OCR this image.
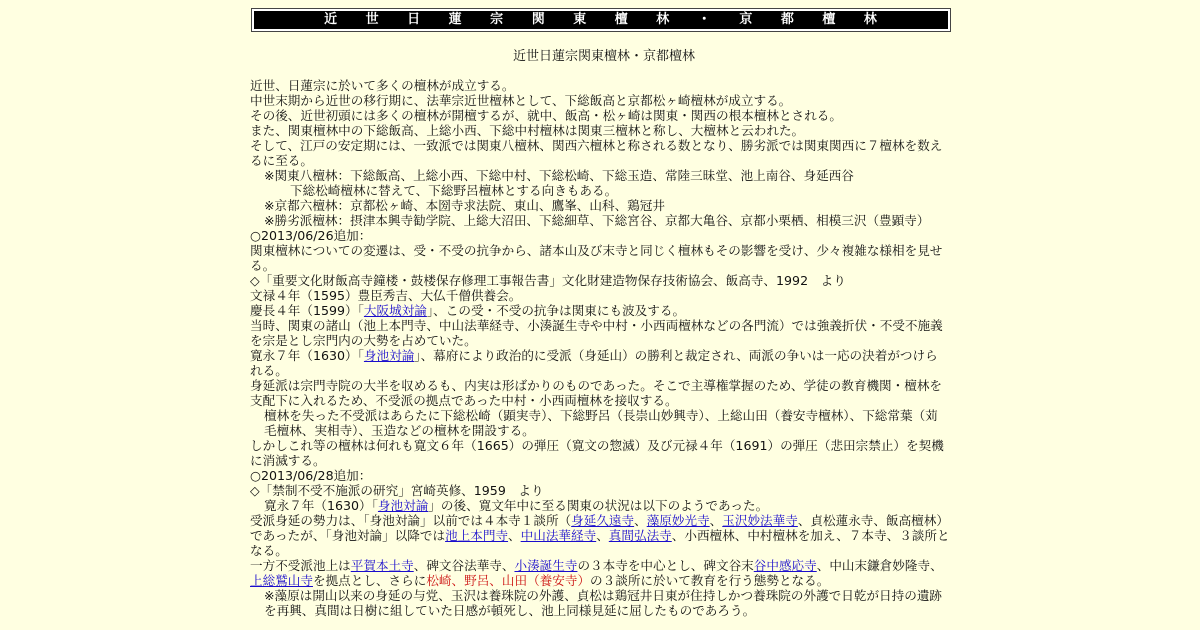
近 世 日 蓮 宗 関 東 檀 林 ・ 京 都 檀 林
近世日蓮宗関東檀林・京都檀林

近世、日蓮宗に於いて多くの檀林が成立する。

中世末期から近世の移行期に、法華宗近世檀林として、下総飯高と京都松ヶ崎檀林が成立する。

その後、近世初頭には多くの檀林が開檀するが、就中、飯高・松ヶ崎は関東・関西の根本檀林とされる。

また、関東檀林中の下総飯高、上総小西、下総中村檀林は関東三檀林と称し、大檀林と云われた。

そして、江戸の安定期には、一致派では関東八檀林、関西六檀林と称される数となり、勝劣派では関東関西に７檀林を数えるに至る。

※関東八檀林：下総飯高、上総小西、下総中村、下総松崎、下総玉造、常陸三昧堂、池上南谷、身延西谷

下総松崎檀林に替えて、下総野呂檀林とする向きもある。

※京都六檀林：京都松ヶ崎、本圀寺求法院、東山、鷹峯、山科、鶏冠井

※勝劣派檀林：摂津本興寺勧学院、上総大沼田、下総細草、下総宮谷、京都大亀谷、京都小栗栖、相模三沢（豊顕寺）

○2013/06/26追加：

関東檀林についての変遷は、受・不受の抗争から、諸本山及び末寺と同じく檀林もその影響を受け、少々複雑な様相を見せる。

◇「重要文化財飯高寺鐘楼・鼓楼保存修理工事報告書」文化財建造物保存技術協会、飯高寺、1992　より

文禄４年（1595）豊臣秀吉、大仏千僧供養会。

慶長４年（1599）「大阪城対論」、この受・不受の抗争は関東にも波及する。

当時、関東の諸山（池上本門寺、中山法華経寺、小湊誕生寺や中村・小西両檀林などの各門流）では強義折伏・不受不施義を宗是とし宗門内の大勢を占めていた。

寛永７年（1630）「身池対論」、幕府により政治的に受派（身延山）の勝利と裁定され、両派の争いは一応の決着がつけられる。

身延派は宗門寺院の大半を収めるも、内実は形ばかりのものであった。そこで主導権掌握のため、学徒の教育機関・檀林を支配下に入れるため、不受派の拠点であった中村・小西両檀林を接収する。

檀林を失った不受派はあらたに下総松崎（顕実寺）、下総野呂（長崇山妙興寺）、上総山田（養安寺檀林）、下総常葉（苅毛檀林、実相寺）、玉造などの檀林を開設する。

しかしこれ等の檀林は何れも寛文６年（1665）の弾圧（寛文の惣滅）及び元禄４年（1691）の弾圧（悲田宗禁止）を契機に消滅する。

○2013/06/28追加：

◇「禁制不受不施派の研究」宮崎英修、1959　より

寛永７年（1630）「身池対論」の後、寛文年中に至る関東の状況は以下のようであった。

受派身延の勢力は、「身池対論」以前では４本寺１談所（身延久遠寺、藻原妙光寺、玉沢妙法華寺、貞松蓮永寺、飯高檀林）であったが、「身池対論」以降では池上本門寺、中山法華経寺、真間弘法寺、小西檀林、中村檀林を加え、７本寺、３談所となる。

一方不受派池上は平賀本土寺、碑文谷法華寺、小湊誕生寺の３本寺を中心とし、碑文谷末谷中感応寺、中山末鎌倉妙隆寺、上総鷲山寺を拠点とし、さらに松崎、野呂、山田（養安寺）の３談所に於いて教育を行う態勢となる。

※藻原は開山以来の身延の与党、玉沢は養珠院の外護、貞松は鶏冠井日東が住持しかつ養珠院の外護で日乾が日持の遺跡を再興、真間は日樹に組していた日感が頓死し、池上同様見延に屈したものであろう。
